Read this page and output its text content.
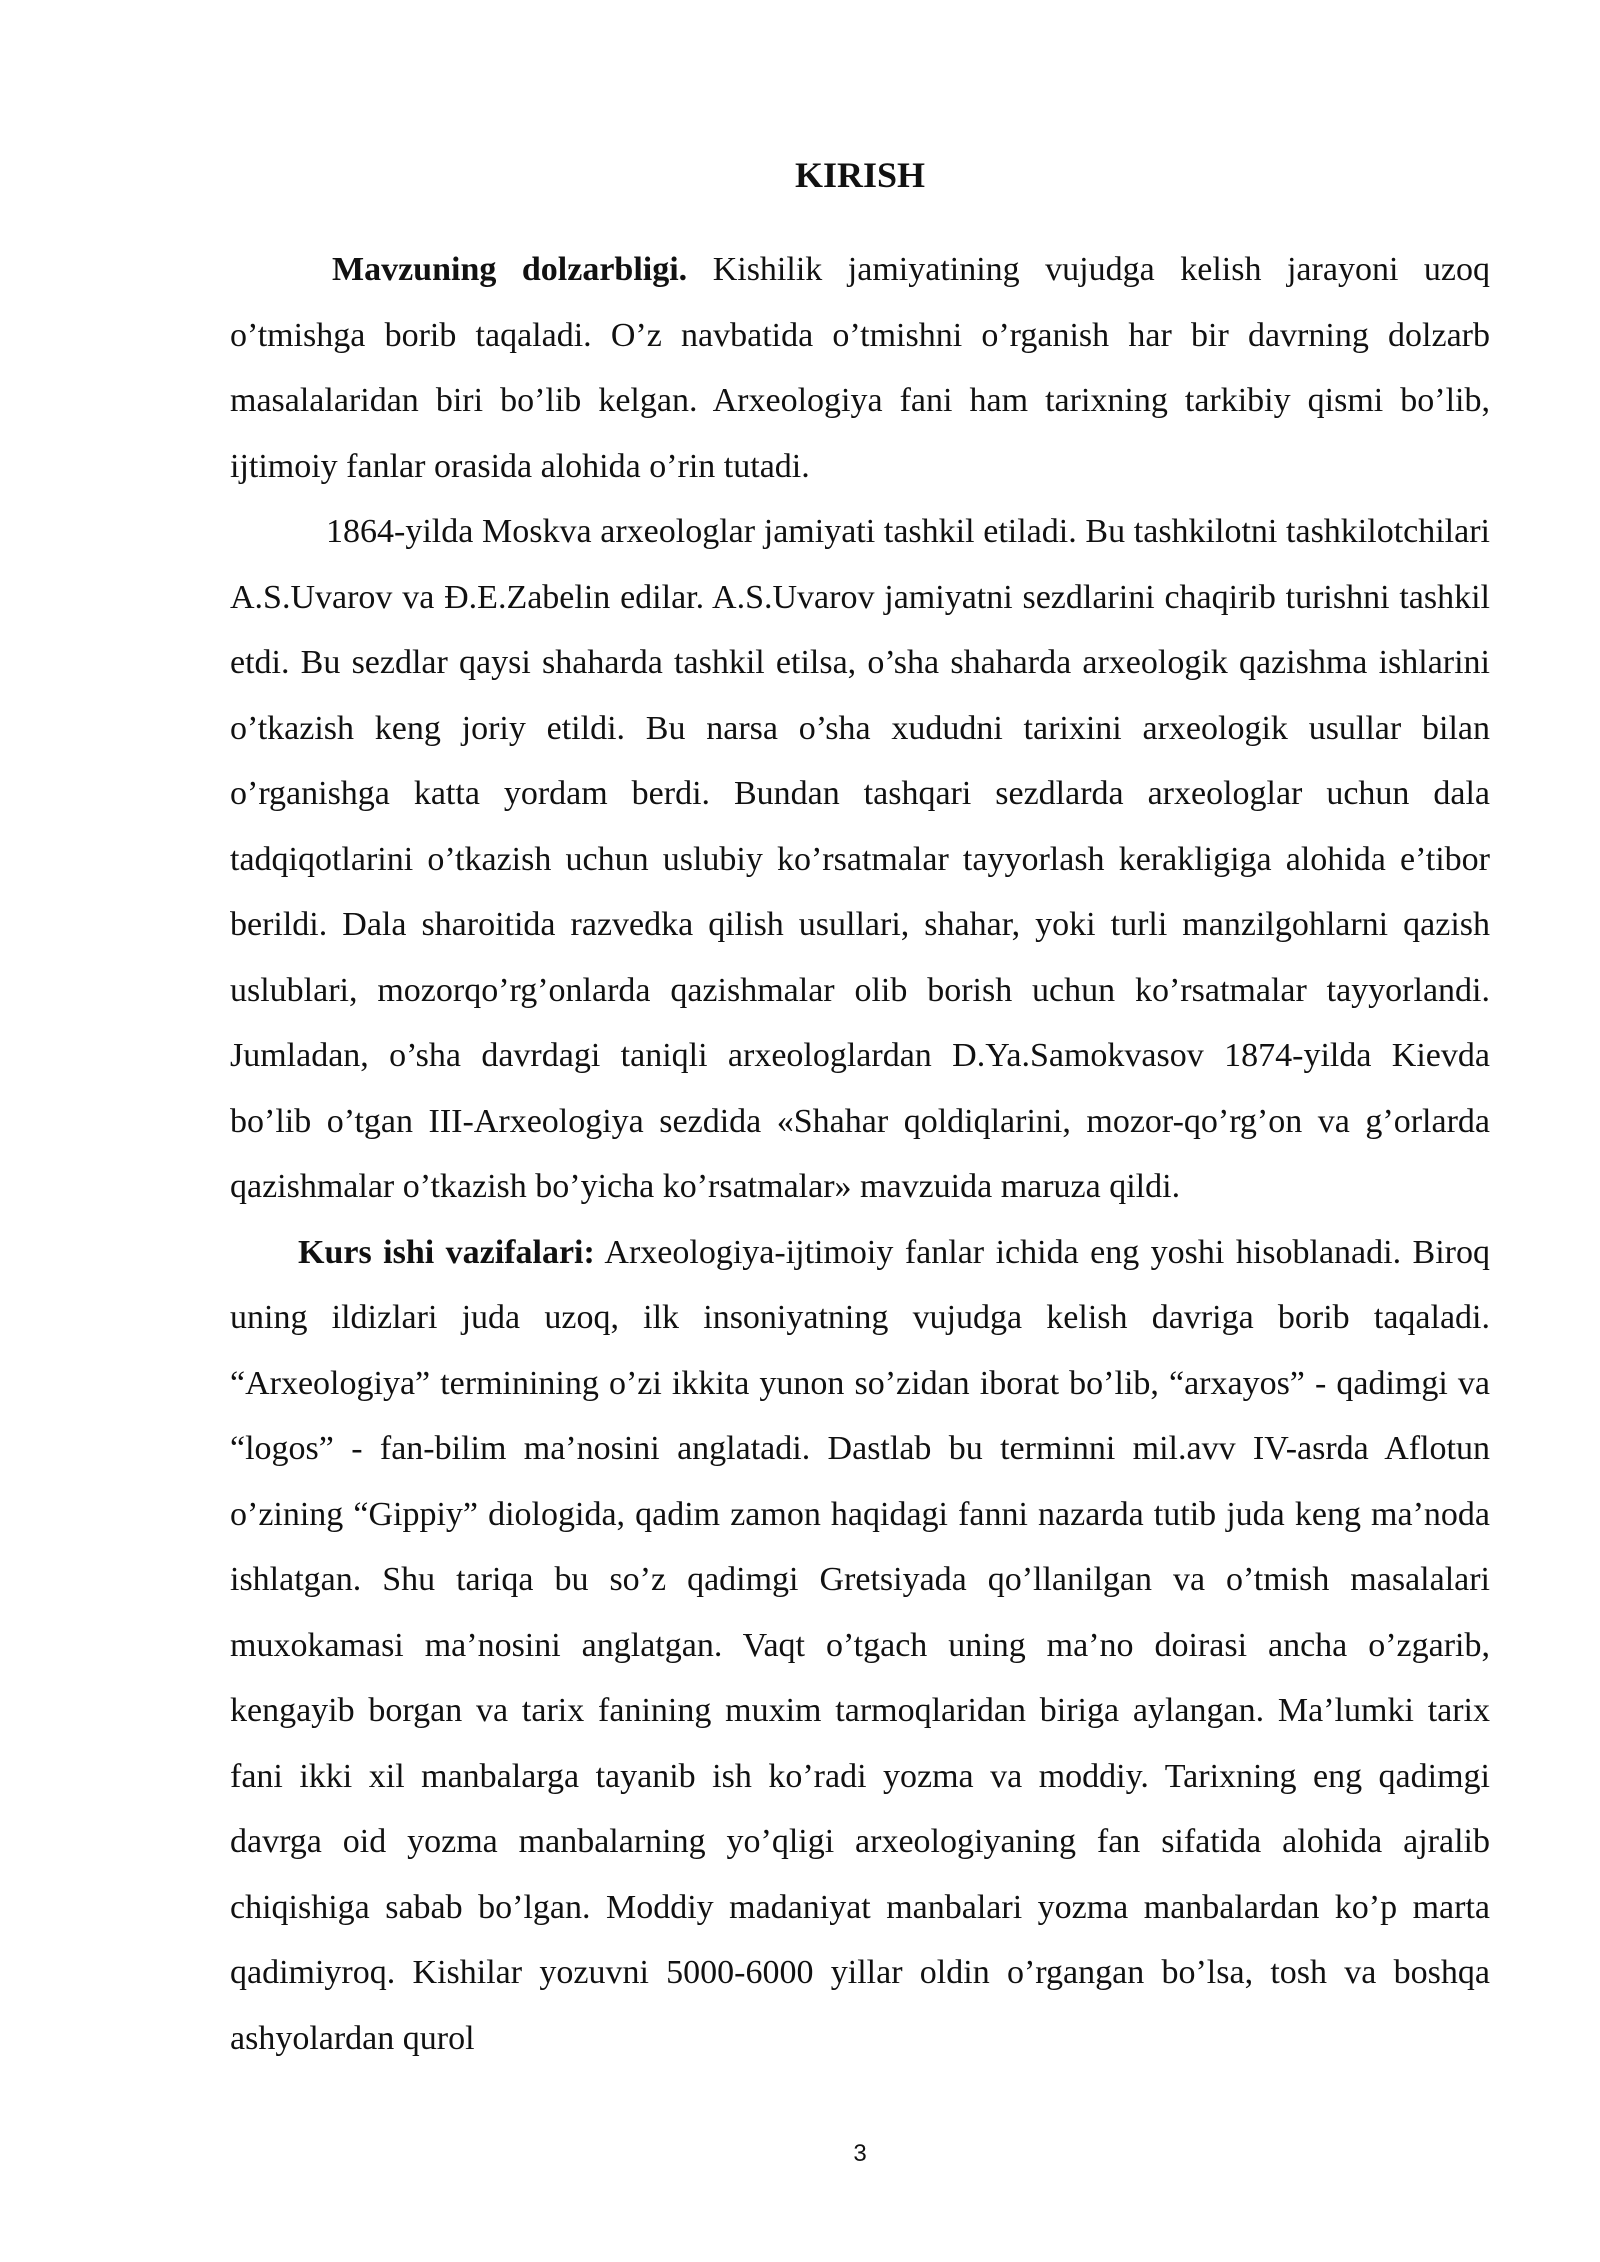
KIRISH

Mavzuning dolzarbligi. Kishilik jamiyatining vujudga kelish jarayoni uzoq o’tmishga borib taqaladi. O’z navbatida o’tmishni o’rganish har bir davrning dolzarb masalalaridan biri bo’lib kelgan. Arxeologiya fani ham tarixning tarkibiy qismi bo’lib, ijtimoiy fanlar orasida alohida o’rin tutadi.

1864-yilda Moskva arxeologlar jamiyati tashkil etiladi. Bu tashkilotni tashkilotchilari A.S.Uvarov va Đ.E.Zabelin edilar. A.S.Uvarov jamiyatni sezdlarini chaqirib turishni tashkil etdi. Bu sezdlar qaysi shaharda tashkil etilsa, o’sha shaharda arxeologik qazishma ishlarini o’tkazish keng joriy etildi. Bu narsa o’sha xududni tarixini arxeologik usullar bilan o’rganishga katta yordam berdi. Bundan tashqari sezdlarda arxeologlar uchun dala tadqiqotlarini o’tkazish uchun uslubiy ko’rsatmalar tayyorlash kerakligiga alohida e’tibor berildi. Dala sharoitida razvedka qilish usullari, shahar, yoki turli manzilgohlarni qazish uslublari, mozorqo’rg’onlarda qazishmalar olib borish uchun ko’rsatmalar tayyorlandi. Jumladan, o’sha davrdagi taniqli arxeologlardan D.Ya.Samokvasov 1874-yilda Kievda bo’lib o’tgan III-Arxeologiya sezdida «Shahar qoldiqlarini, mozor-qo’rg’on va g’orlarda qazishmalar o’tkazish bo’yicha ko’rsatmalar» mavzuida maruza qildi.

Kurs ishi vazifalari: Arxeologiya-ijtimoiy fanlar ichida eng yoshi hisoblanadi. Biroq uning ildizlari juda uzoq, ilk insoniyatning vujudga kelish davriga borib taqaladi. “Arxeologiya” terminining o’zi ikkita yunon so’zidan iborat bo’lib, “arxayos” - qadimgi va “logos” - fan-bilim ma’nosini anglatadi. Dastlab bu terminni mil.avv IV-asrda Aflotun o’zining “Gippiy” diologida, qadim zamon haqidagi fanni nazarda tutib juda keng ma’noda ishlatgan. Shu tariqa bu so’z qadimgi Gretsiyada qo’llanilgan va o’tmish masalalari muxokamasi ma’nosini anglatgan. Vaqt o’tgach uning ma’no doirasi ancha o’zgarib, kengayib borgan va tarix fanining muxim tarmoqlaridan biriga aylangan. Ma’lumki tarix fani ikki xil manbalarga tayanib ish ko’radi yozma va moddiy. Tarixning eng qadimgi davrga oid yozma manbalarning yo’qligi arxeologiyaning fan sifatida alohida ajralib chiqishiga sabab bo’lgan. Moddiy madaniyat manbalari yozma manbalardan ko’p marta qadimiyroq. Kishilar yozuvni 5000-6000 yillar oldin o’rgangan bo’lsa, tosh va boshqa ashyolardan qurol

3
